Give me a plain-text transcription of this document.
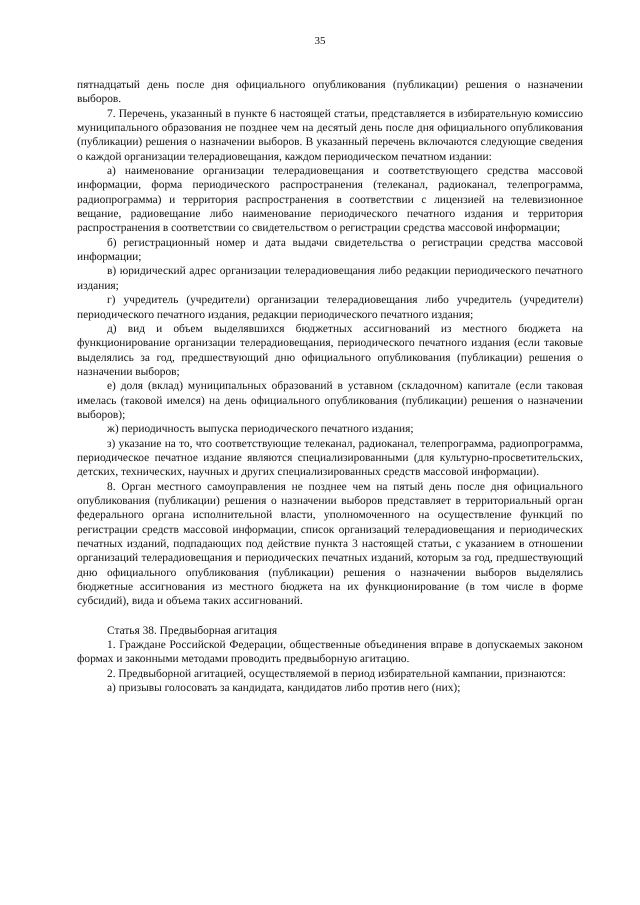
35

пятнадцатый день после дня официального опубликования (публикации) решения о назначении выборов.

7. Перечень, указанный в пункте 6 настоящей статьи, представляется в избирательную комиссию муниципального образования не позднее чем на десятый день после дня официального опубликования (публикации) решения о назначении выборов. В указанный перечень включаются следующие сведения о каждой организации телерадиовещания, каждом периодическом печатном издании:

а) наименование организации телерадиовещания и соответствующего средства массовой информации, форма периодического распространения (телеканал, радиоканал, телепрограмма, радиопрограмма) и территория распространения в соответствии с лицензией на телевизионное вещание, радиовещание либо наименование периодического печатного издания и территория распространения в соответствии со свидетельством о регистрации средства массовой информации;

б) регистрационный номер и дата выдачи свидетельства о регистрации средства массовой информации;

в) юридический адрес организации телерадиовещания либо редакции периодического печатного издания;

г) учредитель (учредители) организации телерадиовещания либо учредитель (учредители) периодического печатного издания, редакции периодического печатного издания;

д) вид и объем выделявшихся бюджетных ассигнований из местного бюджета на функционирование организации телерадиовещания, периодического печатного издания (если таковые выделялись за год, предшествующий дню официального опубликования (публикации) решения о назначении выборов;

е) доля (вклад) муниципальных образований в уставном (складочном) капитале (если таковая имелась (таковой имелся) на день официального опубликования (публикации) решения о назначении выборов);

ж) периодичность выпуска периодического печатного издания;

з) указание на то, что соответствующие телеканал, радиоканал, телепрограмма, радиопрограмма, периодическое печатное издание являются специализированными (для культурно-просветительских, детских, технических, научных и других специализированных средств массовой информации).

8. Орган местного самоуправления не позднее чем на пятый день после дня официального опубликования (публикации) решения о назначении выборов представляет в территориальный орган федерального органа исполнительной власти, уполномоченного на осуществление функций по регистрации средств массовой информации, список организаций телерадиовещания и периодических печатных изданий, подпадающих под действие пункта 3 настоящей статьи, с указанием в отношении организаций телерадиовещания и периодических печатных изданий, которым за год, предшествующий дню официального опубликования (публикации) решения о назначении выборов выделялись бюджетные ассигнования из местного бюджета на их функционирование (в том числе в форме субсидий), вида и объема таких ассигнований.

Статья 38. Предвыборная агитация

1. Граждане Российской Федерации, общественные объединения вправе в допускаемых законом формах и законными методами проводить предвыборную агитацию.

2. Предвыборной агитацией, осуществляемой в период избирательной кампании, признаются:

а) призывы голосовать за кандидата, кандидатов либо против него (них);
